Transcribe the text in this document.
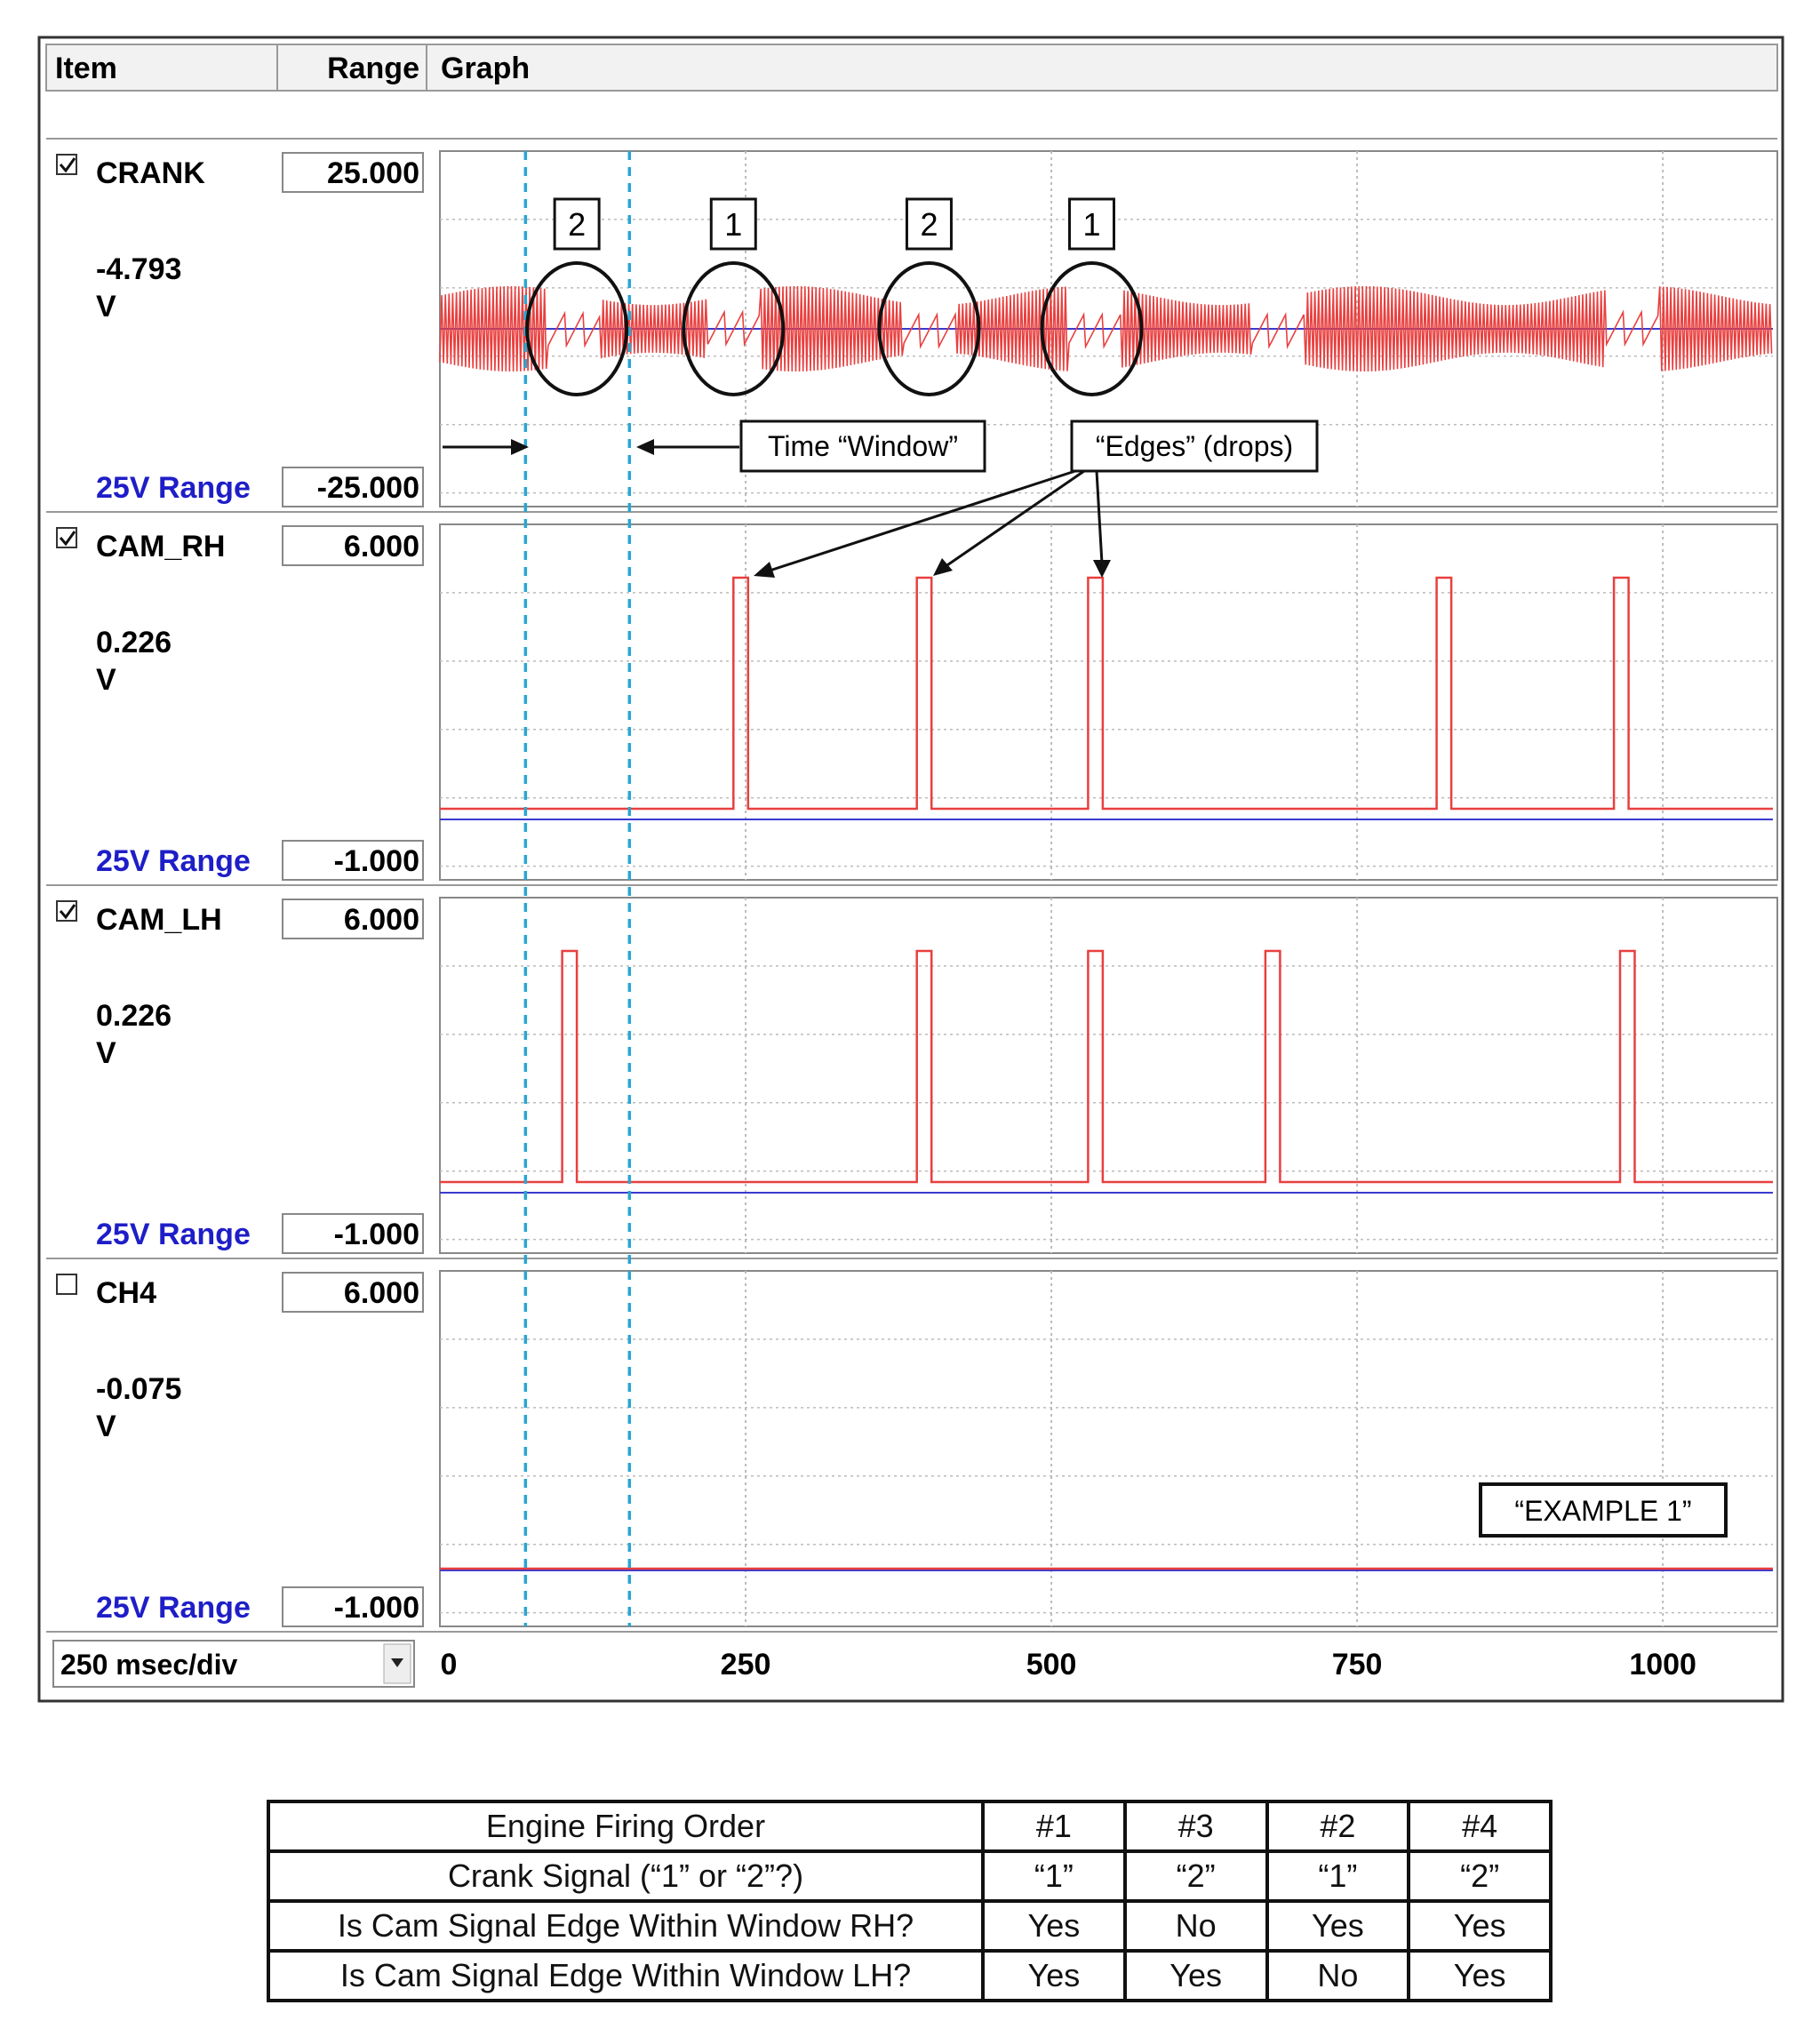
Item	Range Graph
CRANK	25.000
-4.793
V
25V Range -25.000
CAM_RH	6.000
0.226
V
25V Range	-1.000
CAM_LH	6.000
0.226
V
25V Range	-1.000
CH4	6.000
-0.075
V
25V Range	-1.000
2	1	2	1
Time “Window”	“Edges” (drops)
“EXAMPLE 1”
250 msec/div	0	250	500	750	1000
Engine Firing Order	#1	#3	#2	#4
Crank Signal (“1” or “2”?)	“1”	“2”	“1”	“2”
Is Cam Signal Edge Within Window RH?	Yes	No	Yes	Yes
Is Cam Signal Edge Within Window LH?	Yes	Yes	No	Yes
